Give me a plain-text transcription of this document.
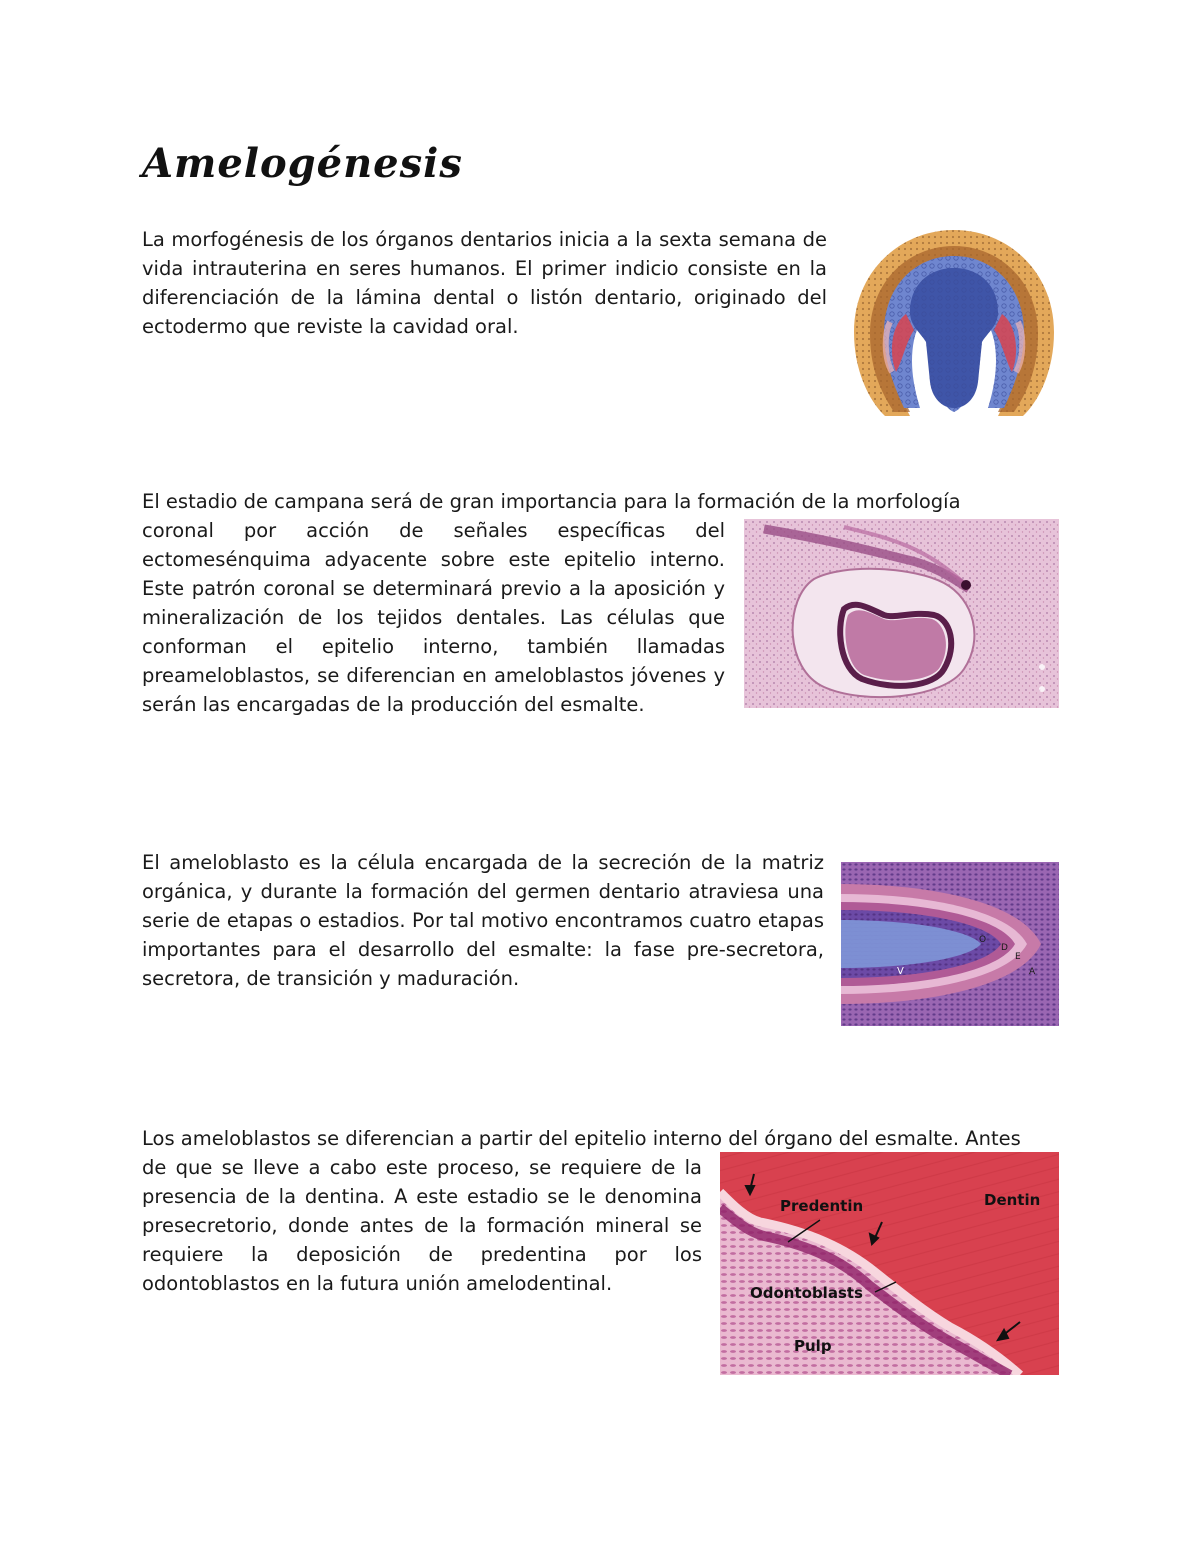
Amelogénesis

La morfogénesis de los órganos dentarios inicia a la sexta semana de vida intrauterina en seres humanos. El primer indicio consiste en la diferenciación de la lámina dental o listón dentario, originado del ectodermo que reviste la cavidad oral.

El estadio de campana será de gran importancia para la formación de la morfología

coronal por acción de señales específicas del ectomesénquima adyacente sobre este epitelio interno. Este patrón coronal se determinará previo a la aposición y mineralización de los tejidos dentales. Las células que conforman el epitelio interno, también llamadas preameloblastos, se diferencian en ameloblastos jóvenes y serán las encargadas de la producción del esmalte.

El ameloblasto es la célula encargada de la secreción de la matriz orgánica, y durante la formación del germen dentario atraviesa una serie de etapas o estadios. Por tal motivo encontramos cuatro etapas importantes para el desarrollo del esmalte: la fase pre-secretora, secretora, de transición y maduración.	V
O
D
E
A

Los ameloblastos se diferencian a partir del epitelio interno del órgano del esmalte. Antes

de que se lleve a cabo este proceso, se requiere de la presencia de la dentina. A este estadio se le denomina presecretorio, donde antes de la formación mineral se requiere la deposición de predentina por los odontoblastos en la futura unión amelodentinal.

Predentin	Dentin
Odontoblasts
Pulp
